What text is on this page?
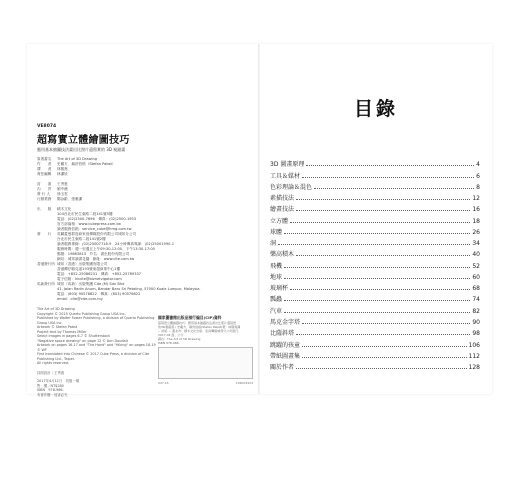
VE8074
超寫實立體繪圖技巧
應用基本繪圖技法畫出比照片還寫實的 3D 視錯畫
原著書名	The Art of 3D Drawing
作　　者	史戴方．赫許伯格（Stefan Pabst）
譯　　者	林敬堯
責任編輯	林潔欣
封　　面	王秀惠
內　　頁	劉中薇
發 行 人	徐玉雲
行銷業務	鄭詠齡、張雅潔
出　　版	積木文化
104台北市民生東路二段141號5樓
電話：(02)2500-7696　傳真：(02)2500-1953
官方部落格：www.cubepress.com.tw
讀者服務信箱：service_cube@hmg.com.tw
發　　行	英屬蓋曼群島商家庭傳媒股份有限公司城邦分公司
台北市民生東路二段141號2樓
讀者服務專線：(02)25007718-9　24小時傳真專線：(02)25001990-1
服務時間：週一至週五上午09:30-12:00、下午13:30-17:00
郵撥：19863813　戶名：書虫股份有限公司
網站：城邦讀書花園　網址：www.cite.com.tw
香港發行所 城邦（香港）出版集團有限公司
香港灣仔駱克道193號東超商業中心1樓
電話：+852-25086231　傳真：+852-25789337
電子信箱：hkcite@biznetvigator.com
馬新發行所 城邦（馬新）出版集團 Cite (M) Sdn Bhd
41, Jalan Radin Anum, Bandar Baru Sri Petaling, 57000 Kuala Lumpur, Malaysia.
電話：(603) 90578822　傳真：(603) 90576622
email：cite@cite.com.my
The Art of 3D Drawing
Copyright © 2015 Quarto Publishing Group USA Inc.
Published by Walter Foster Publishing, a division of Quarto Publishing Group USA Inc.
Artwork © Stefan Pabst
Project text by Thomas Miller
Select images in pages 6-7 © Shutterstock
"Negative space drawing" on page 12 © Ann Doudalt
Artwork on pages 16-17 and "The Hand" and "Hiking" on pages 18-19 © WF
First translated into Chinese © 2017 Cube Press, a division of Cite Publishing Ltd., Taipei.
All rights reserved.
封面設計｜王秀惠
2017年4月11日　初版一刷
售　價／NT$280
ISBN　978-986-
有著作權・侵害必究
國家圖書館出版品預行編目(CIP)資料
超寫實立體繪圖技巧：應用基本繪圖技法畫出比照片還寫實
的3D視錯畫 / 史戴方．赫許伯格(Stefan Pabst)著；林敬堯譯
-- 初版. -- 臺北市：積木文化出版：家庭傳媒城邦分公司發行,
2017.04 面；公分
譯自：The Art of 3D Drawing
ISBN 978-986-
947.16	106003423
目錄
3D 圖畫原理	4
工具＆媒材	6
色彩理論＆混色	8
素描技法	12
繪畫技法	16
立方體	18
球體	26
洞	34
樂高積木	40
飛機	52
地球	60
玻璃杯	68
瓢蟲	74
汽車	82
馬克金字塔	90
比薩斜塔	98
跳躍的孩童	106
帶紙圖畫集	112
關於作者	128
